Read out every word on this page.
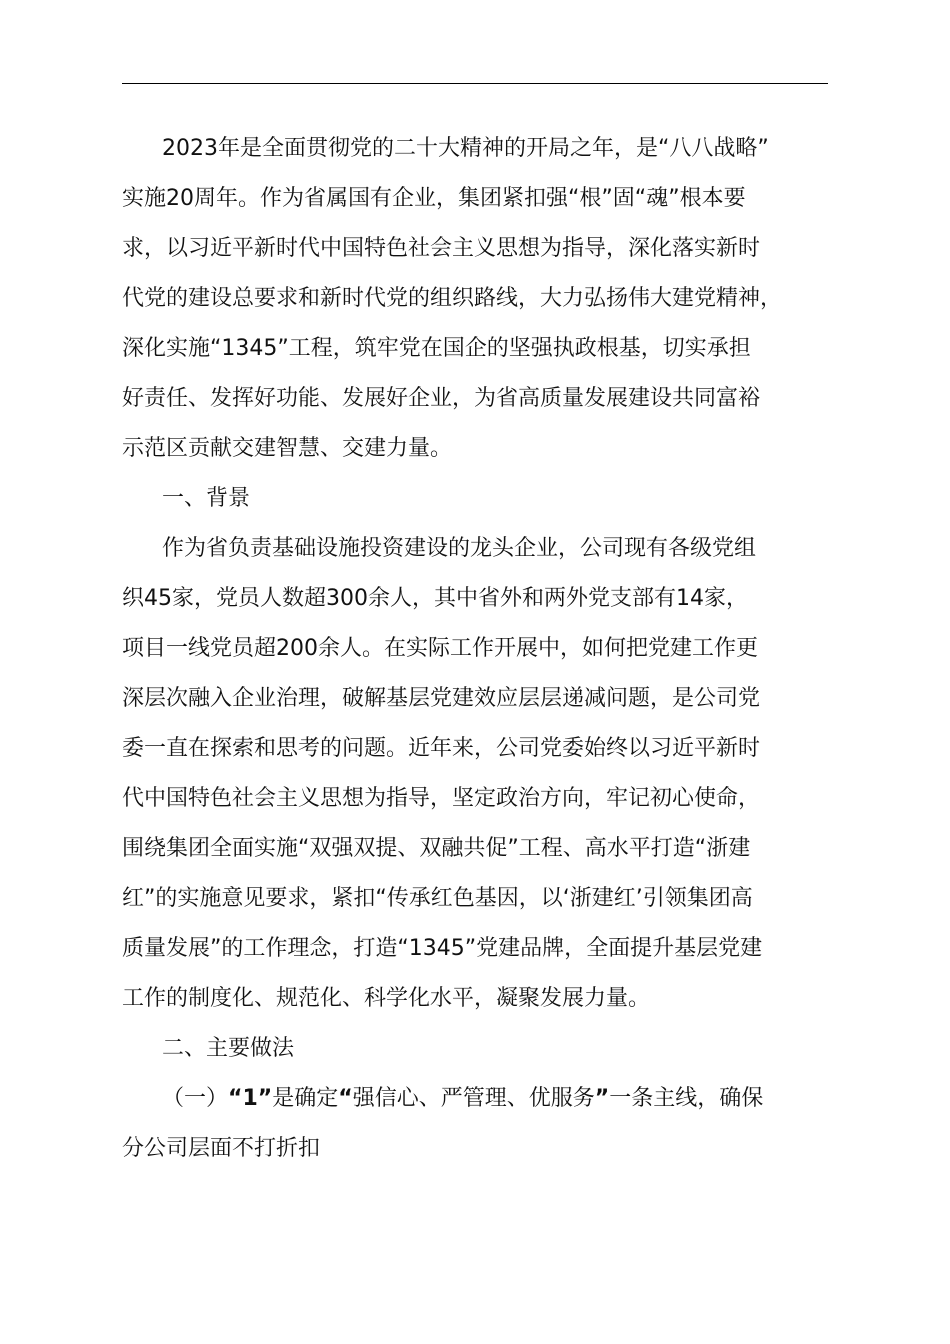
2023年是全面贯彻党的二十大精神的开局之年，是“八八战略”
实施20周年。作为省属国有企业，集团紧扣强“根”固“魂”根本要
求，以习近平新时代中国特色社会主义思想为指导，深化落实新时
代党的建设总要求和新时代党的组织路线，大力弘扬伟大建党精神，
深化实施“1345”工程，筑牢党在国企的坚强执政根基，切实承担
好责任、发挥好功能、发展好企业，为省高质量发展建设共同富裕
示范区贡献交建智慧、交建力量。
一、背景
作为省负责基础设施投资建设的龙头企业，公司现有各级党组
织45家，党员人数超300余人，其中省外和两外党支部有14家，
项目一线党员超200余人。在实际工作开展中，如何把党建工作更
深层次融入企业治理，破解基层党建效应层层递减问题，是公司党
委一直在探索和思考的问题。近年来，公司党委始终以习近平新时
代中国特色社会主义思想为指导，坚定政治方向，牢记初心使命，
围绕集团全面实施“双强双提、双融共促”工程、高水平打造“浙建
红”的实施意见要求，紧扣“传承红色基因，以‘浙建红’引领集团高
质量发展”的工作理念，打造“1345”党建品牌，全面提升基层党建
工作的制度化、规范化、科学化水平，凝聚发展力量。
二、主要做法
（一）“1”是确定“强信心、严管理、优服务”一条主线，确保
分公司层面不打折扣
